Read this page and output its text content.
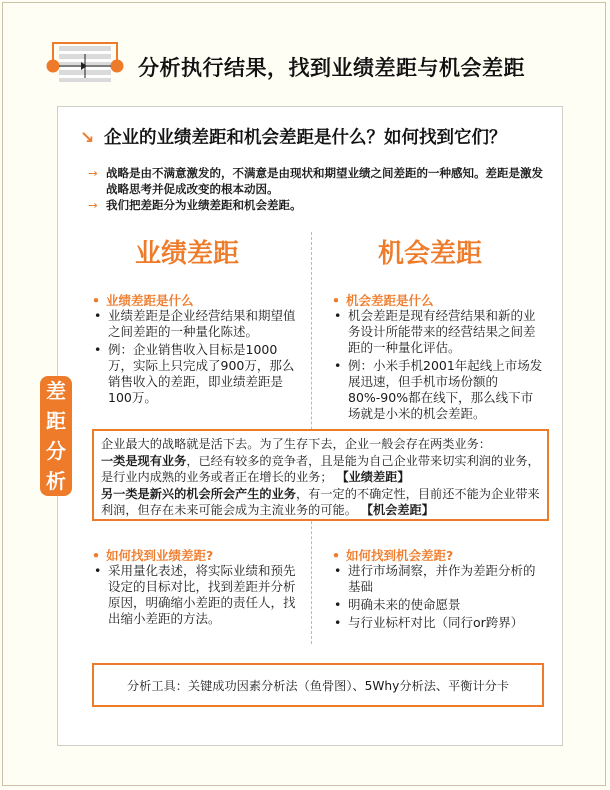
分析执行结果，找到业绩差距与机会差距
↘ 企业的业绩差距和机会差距是什么？如何找到它们？
→ 战略是由不满意激发的，不满意是由现状和期望业绩之间差距的一种感知。差距是激发战略思考并促成改变的根本动因。
→ 我们把差距分为业绩差距和机会差距。
差
距
分
析
业绩差距
• 业绩差距是什么
• 业绩差距是企业经营结果和期望值之间差距的一种量化陈述。
• 例：企业销售收入目标是1000万，实际上只完成了900万，那么销售收入的差距，即业绩差距是100万。
机会差距
• 机会差距是什么
• 机会差距是现有经营结果和新的业务设计所能带来的经营结果之间差距的一种量化评估。
• 例：小米手机2001年起线上市场发展迅速，但手机市场份额的80%-90%都在线下，那么线下市场就是小米的机会差距。
企业最大的战略就是活下去。为了生存下去，企业一般会存在两类业务：
一类是现有业务，已经有较多的竞争者，且是能为自己企业带来切实利润的业务，是行业内成熟的业务或者正在增长的业务； 【业绩差距】
另一类是新兴的机会所会产生的业务，有一定的不确定性，目前还不能为企业带来利润，但存在未来可能会成为主流业务的可能。 【机会差距】
• 如何找到业绩差距?
• 采用量化表述，将实际业绩和预先设定的目标对比，找到差距并分析原因，明确缩小差距的责任人，找出缩小差距的方法。
• 如何找到机会差距?
• 进行市场洞察，并作为差距分析的基础
• 明确未来的使命愿景
• 与行业标杆对比（同行or跨界）
分析工具：关键成功因素分析法（鱼骨图）、5Why分析法、平衡计分卡
